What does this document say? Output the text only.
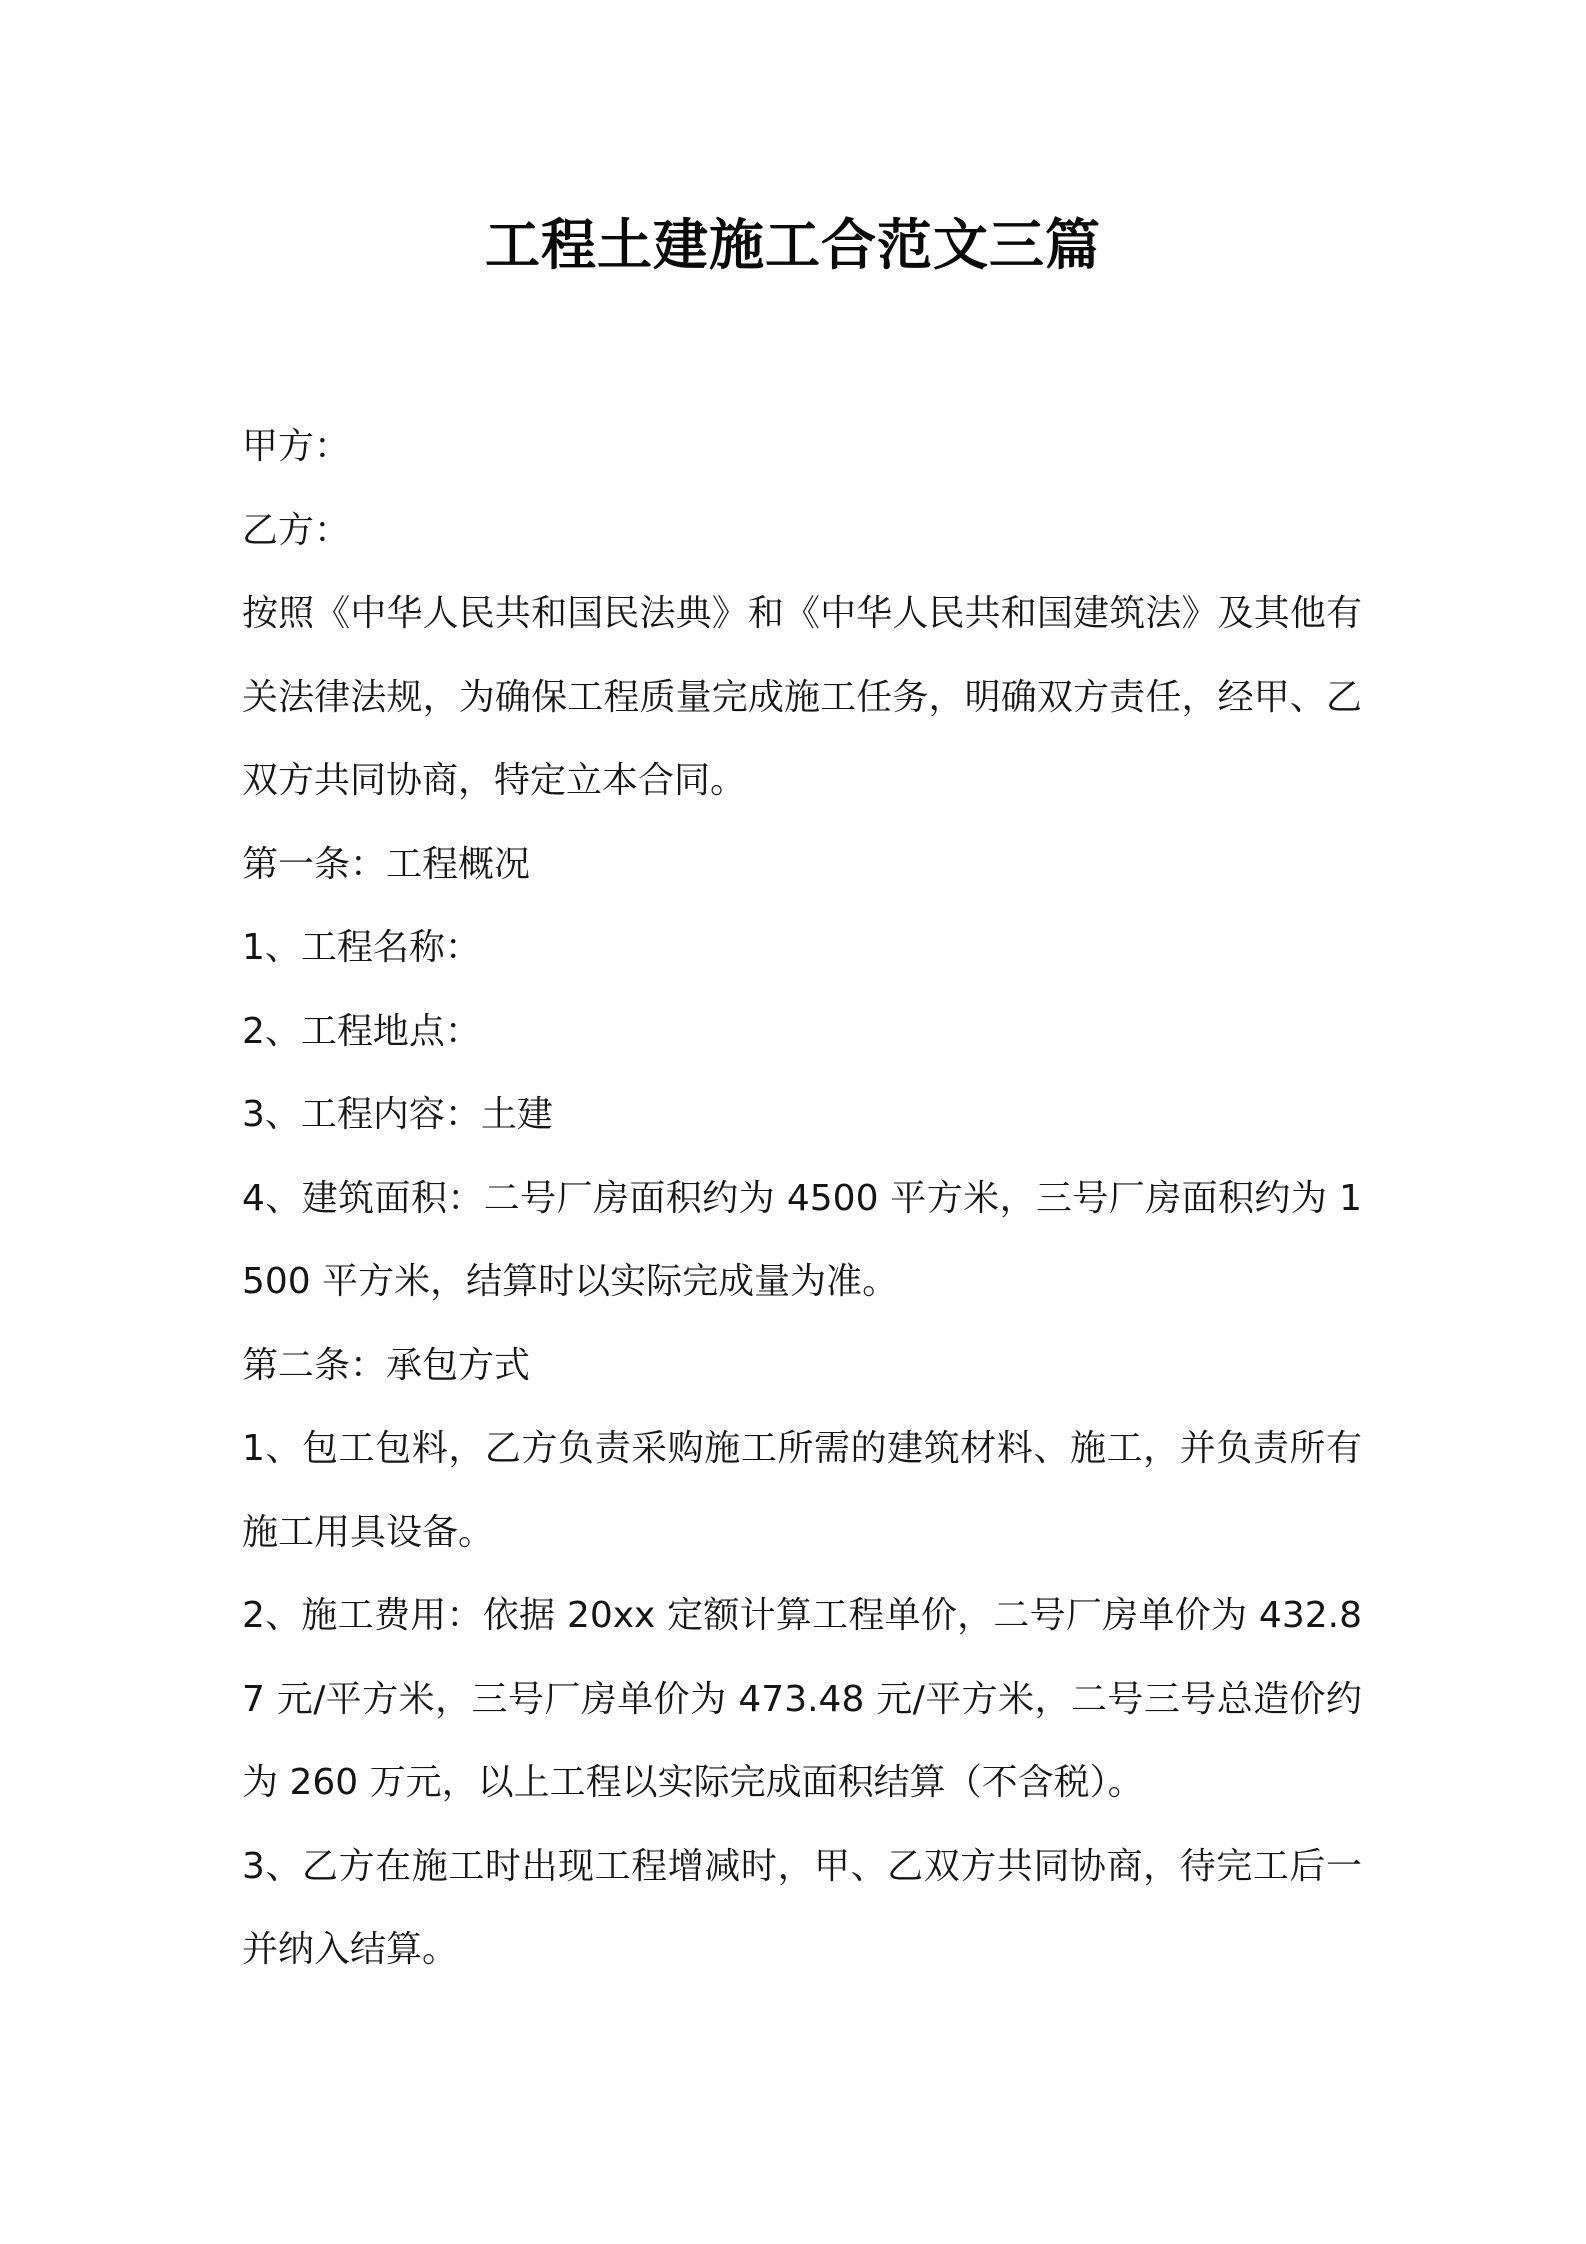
工程土建施工合范文三篇

甲方：

乙方：

按照《中华人民共和国民法典》和《中华人民共和国建筑法》及其他有关法律法规，为确保工程质量完成施工任务，明确双方责任，经甲、乙双方共同协商，特定立本合同。

第一条：工程概况

1、工程名称：

2、工程地点：

3、工程内容：土建

4、建筑面积：二号厂房面积约为 4500 平方米，三号厂房面积约为 1500 平方米，结算时以实际完成量为准。

第二条：承包方式

1、包工包料，乙方负责采购施工所需的建筑材料、施工，并负责所有施工用具设备。

2、施工费用：依据 20xx 定额计算工程单价，二号厂房单价为 432.87 元/平方米，三号厂房单价为 473.48 元/平方米，二号三号总造价约为 260 万元，以上工程以实际完成面积结算（不含税）。

3、乙方在施工时出现工程增减时，甲、乙双方共同协商，待完工后一并纳入结算。
